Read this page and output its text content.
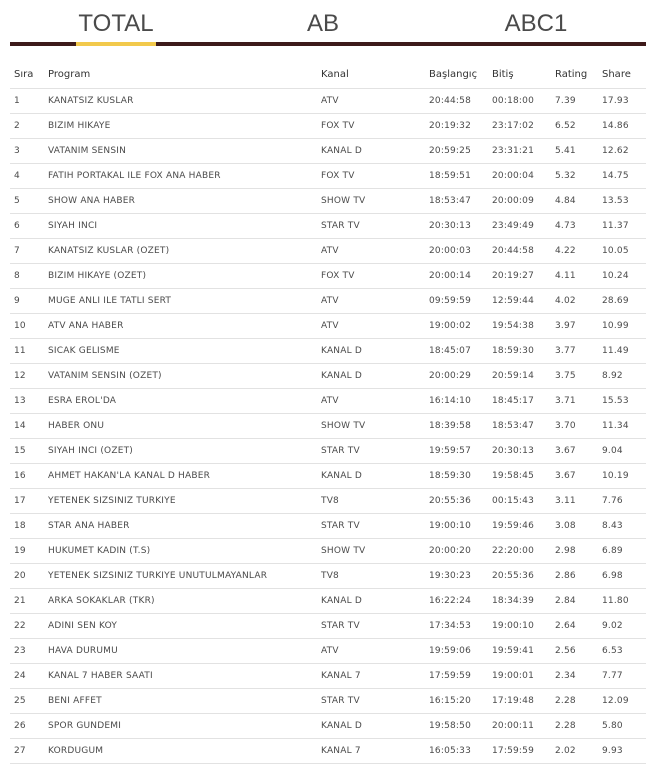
TOTAL	AB	ABC1
Sıra	Program	Kanal	Başlangıç	Bitiş	Rating	Share
1	KANATSIZ KUSLAR	ATV	20:44:58	00:18:00	7.39	17.93
2	BIZIM HIKAYE	FOX TV	20:19:32	23:17:02	6.52	14.86
3	VATANIM SENSIN	KANAL D	20:59:25	23:31:21	5.41	12.62
4	FATIH PORTAKAL ILE FOX ANA HABER	FOX TV	18:59:51	20:00:04	5.32	14.75
5	SHOW ANA HABER	SHOW TV	18:53:47	20:00:09	4.84	13.53
6	SIYAH INCI	STAR TV	20:30:13	23:49:49	4.73	11.37
7	KANATSIZ KUSLAR (OZET)	ATV	20:00:03	20:44:58	4.22	10.05
8	BIZIM HIKAYE (OZET)	FOX TV	20:00:14	20:19:27	4.11	10.24
9	MUGE ANLI ILE TATLI SERT	ATV	09:59:59	12:59:44	4.02	28.69
10	ATV ANA HABER	ATV	19:00:02	19:54:38	3.97	10.99
11	SICAK GELISME	KANAL D	18:45:07	18:59:30	3.77	11.49
12	VATANIM SENSIN (OZET)	KANAL D	20:00:29	20:59:14	3.75	8.92
13	ESRA EROL'DA	ATV	16:14:10	18:45:17	3.71	15.53
14	HABER ONU	SHOW TV	18:39:58	18:53:47	3.70	11.34
15	SIYAH INCI (OZET)	STAR TV	19:59:57	20:30:13	3.67	9.04
16	AHMET HAKAN'LA KANAL D HABER	KANAL D	18:59:30	19:58:45	3.67	10.19
17	YETENEK SIZSINIZ TURKIYE	TV8	20:55:36	00:15:43	3.11	7.76
18	STAR ANA HABER	STAR TV	19:00:10	19:59:46	3.08	8.43
19	HUKUMET KADIN (T.S)	SHOW TV	20:00:20	22:20:00	2.98	6.89
20	YETENEK SIZSINIZ TURKIYE UNUTULMAYANLAR	TV8	19:30:23	20:55:36	2.86	6.98
21	ARKA SOKAKLAR (TKR)	KANAL D	16:22:24	18:34:39	2.84	11.80
22	ADINI SEN KOY	STAR TV	17:34:53	19:00:10	2.64	9.02
23	HAVA DURUMU	ATV	19:59:06	19:59:41	2.56	6.53
24	KANAL 7 HABER SAATI	KANAL 7	17:59:59	19:00:01	2.34	7.77
25	BENI AFFET	STAR TV	16:15:20	17:19:48	2.28	12.09
26	SPOR GUNDEMI	KANAL D	19:58:50	20:00:11	2.28	5.80
27	KORDUGUM	KANAL 7	16:05:33	17:59:59	2.02	9.93
